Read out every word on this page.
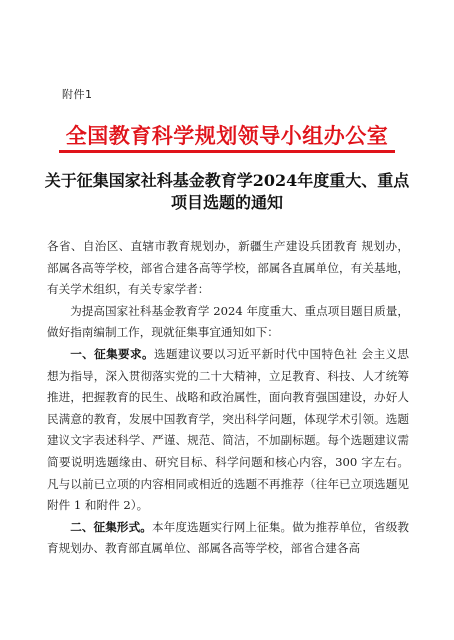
附件1
全国教育科学规划领导小组办公室
关于征集国家社科基金教育学2024年度重大、重点
项目选题的通知

各省、自治区、直辖市教育规划办，新疆生产建设兵团教育 规划办，部属各高等学校，部省合建各高等学校，部属各直属单位，有关基地，有关学术组织，有关专家学者：

为提高国家社科基金教育学 2024 年度重大、重点项目题目质量，做好指南编制工作，现就征集事宜通知如下：

一、征集要求。选题建议要以习近平新时代中国特色社 会主义思想为指导，深入贯彻落实党的二十大精神，立足教育、科技、人才统筹推进，把握教育的民生、战略和政治属性，面向教育强国建设，办好人民满意的教育，发展中国教育学，突出科学问题，体现学术引领。选题建议文字表述科学、严谨、规范、简洁，不加副标题。每个选题建议需简要说明选题缘由、研究目标、科学问题和核心内容，300 字左右。凡与以前已立项的内容相同或相近的选题不再推荐（往年已立项选题见附件 1 和附件 2）。

二、征集形式。本年度选题实行网上征集。做为推荐单位，省级教育规划办、教育部直属单位、部属各高等学校，部省合建各高
